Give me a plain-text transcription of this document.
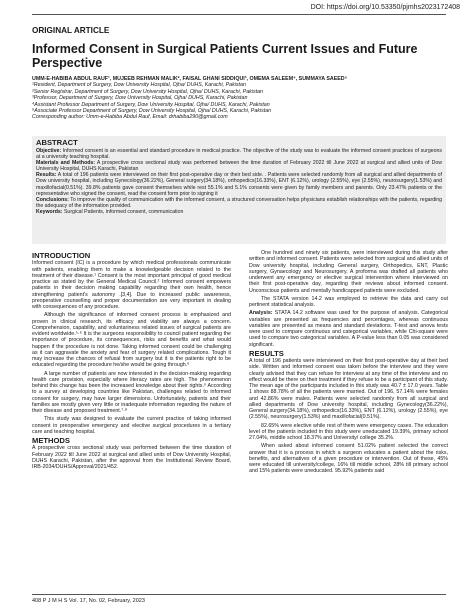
DOI: https://doi.org/10.53350/pjmhs2023172408
ORIGINAL ARTICLE
Informed Consent in Surgical Patients Current Issues and Future Perspective
UMM-E-HABIBA ABDUL RAUF¹, MUJEEB REHMAN MALIK², FAISAL GHANI SIDDIQUI³, OMEMA SALEEM⁴, SUMMAYA SAEED⁵
¹Resident, Department of Surgery, Dow University Hospital, Ojha/ DUHS, Karachi, Pakistan
²Senior Registrar, Department of Surgery, Dow University Hospital, Ojha/ DUHS, Karachi, Pakistan
³Professor, Department of Surgery, Dow University Hospital, Ojha/ DUHS, Karachi, Pakistan
⁴Assistant Professor Department of Surgery, Dow University Hospital, Ojha/ DUHS, Karachi, Pakistan
⁵Associate Professor Department of Surgery, Dow University Hospital, Ojha/ DUHS, Karachi, Pakistan
Corresponding author: Umm-e-Habiba Abdul Rauf, Email: drhabiba290@gmail.com
ABSTRACT
Objective: Informed consent is an essential and standard procedure in medical practice. The objective of the study was to evaluate the informed consent practices of surgeons at a university teaching hospital.
Materials and Methods: A prospective cross sectional study was performed between the time duration of February 2022 till June 2022 at surgical and allied units of Dow University Hospital, DUHS Karachi, Pakistan
Results: A total of 196 patients were interviewed on their first post-operative day or their bed side. . Patients were selected randomly from all surgical and allied departments of Dow university hospital, including Gynecology(36.22%), General surgery(34.18%), orthopedics(16.33%), ENT (6.12%), urology (2.55%), eye (2.55%), neurosurgery(1.53%) and maxillofacial(0.51%). 39.8% patients gave consent themselves while rest 55.1% and 5.1% consents were given by family members and parents. Only 23.47% patients or the representative who signed the consent, read the consent form prior to signing it
Conclusions: To improve the quality of communication with the informed consent, a structured conversation helps physicians establish relationships with the patients, regarding the adequacy of the information provided.
Keywords: Surgical Patients, informed consent, communication
INTRODUCTION

Informed consent (IC) is a procedure by which medical professionals communicate with patients, enabling them to make a knowledgeable decision related to the treatment of their disease.¹ Consent is the most important principal of good medical practice as stated by the General Medical Council.² Informed consent empowers patients in their decision making capability regarding their own health, hence strengthening patient's autonomy .[3,4]. Due to increased public awareness, preoperative counselling and proper documentation are very important in dealing with consequences of any procedure.

Although the significance of informed consent process is emphasized and proven in clinical research, its efficacy and viability are always a concern. Comprehension, capability, and voluntariness related issues of surgical patients are evident worldwide.⁵·⁶ It is the surgeons responsibility to council patient regarding the importance of procedure, its consequences, risks and benefits and what would happen if the procedure is not done. Taking informed consent could be challenging as it can aggravate the anxiety and fear of surgery related complications. Tough it may increase the chances of refusal from surgery but it is the patients right to be educated regarding the procedure he/she would be going through.⁶

A large number of patients are now interested in the decision-making regarding health care provision, especially where literacy rates are high. The phenomenon behind this change has been the increased knowledge about their rights.⁶ According to a survey at developing countries like Pakistan, challenges related to informed consent for surgery, may have larger dimensions. Unfortunately, patients and their families are mostly given very little or inadequate information regarding the nature of their disease and proposed treatment.⁷·⁸

This study was designed to evaluate the current practice of taking informed consent in preoperative emergency and elective surgical procedures in a tertiary care and teaching hospital.

METHODS

A prospective cross sectional study was performed between the time duration of February 2022 till June 2022 at surgical and allied units of Dow University Hospital, DUHS Karachi, Pakistan, after the approval from the Institutional Review Board, IRB-2034/DUHS/Approval/2021/452.

One hundred and ninety six patients, were interviewed during this study after written and informed consent. Patients were selected from surgical and allied units of Dow university hospital, including General surgery, Orthopedics, ENT, Plastic surgery, Gynaecology and Neurosurgery. A proforma was drafted all patients who underwent any emergency or elective surgical intervention where interviewed on their first post-operative day, regarding their reviews about informed consent. Unconscious patients and mentally handicapped patients were excluded.

The STATA version 14.2 was employed to retrieve the data and carry out pertinent statistical analysis.

Analysis: STATA 14.2 software was used for the purpose of analysis. Categorical variables are presented as frequencies and percentages, whereas continuous variables are presented as means and standard deviations. T-test and anova tests were used to compare continuous and categorical variables, while Chi-square were used to compare two categorical variables. A P-value less than 0.05 was considered significant.

RESULTS

A total of 196 patients were interviewed on their first post-operative day at their bed side. Written and informed consent was taken before the interview and they were clearly advised that they can refuse for interview at any time of the interview and no effect would be there on their treatment if they refuse to be a participant of this study. The mean age of the participants included in this study was 40.7 ± 17.0 years. Table 1 shows 88.78% of all the patients were married. Out of 196, 57.14% were females and 42.86% were males. Patients were selected randomly from all surgical and allied departments of Dow university hospital, including Gynecology(36.22%), General surgery(34.18%), orthopedics(16.33%), ENT (6.12%), urology (2.55%), eye (2.55%), neurosurgery(1.53%) and maxillofacial(0.51%).

82.65% were elective while rest of them were emergency cases. The education level of the patients included in this study were uneducated 19.39%, primary school 27.04%, middle school 18.37% and University/ college 35.2%.

When asked about informed consent 51.02% patient selected the correct answer that it is a process in which a surgeon educates a patient about the risks, benefits, and alternatives of a given procedure or intervention. Out of these, 45% were educated till university/college, 16% till middle school, 28% till primary school and 15% patients were uneducated. 95.92% patients said

408 P J M H S Vol. 17, No. 02, February, 2023
